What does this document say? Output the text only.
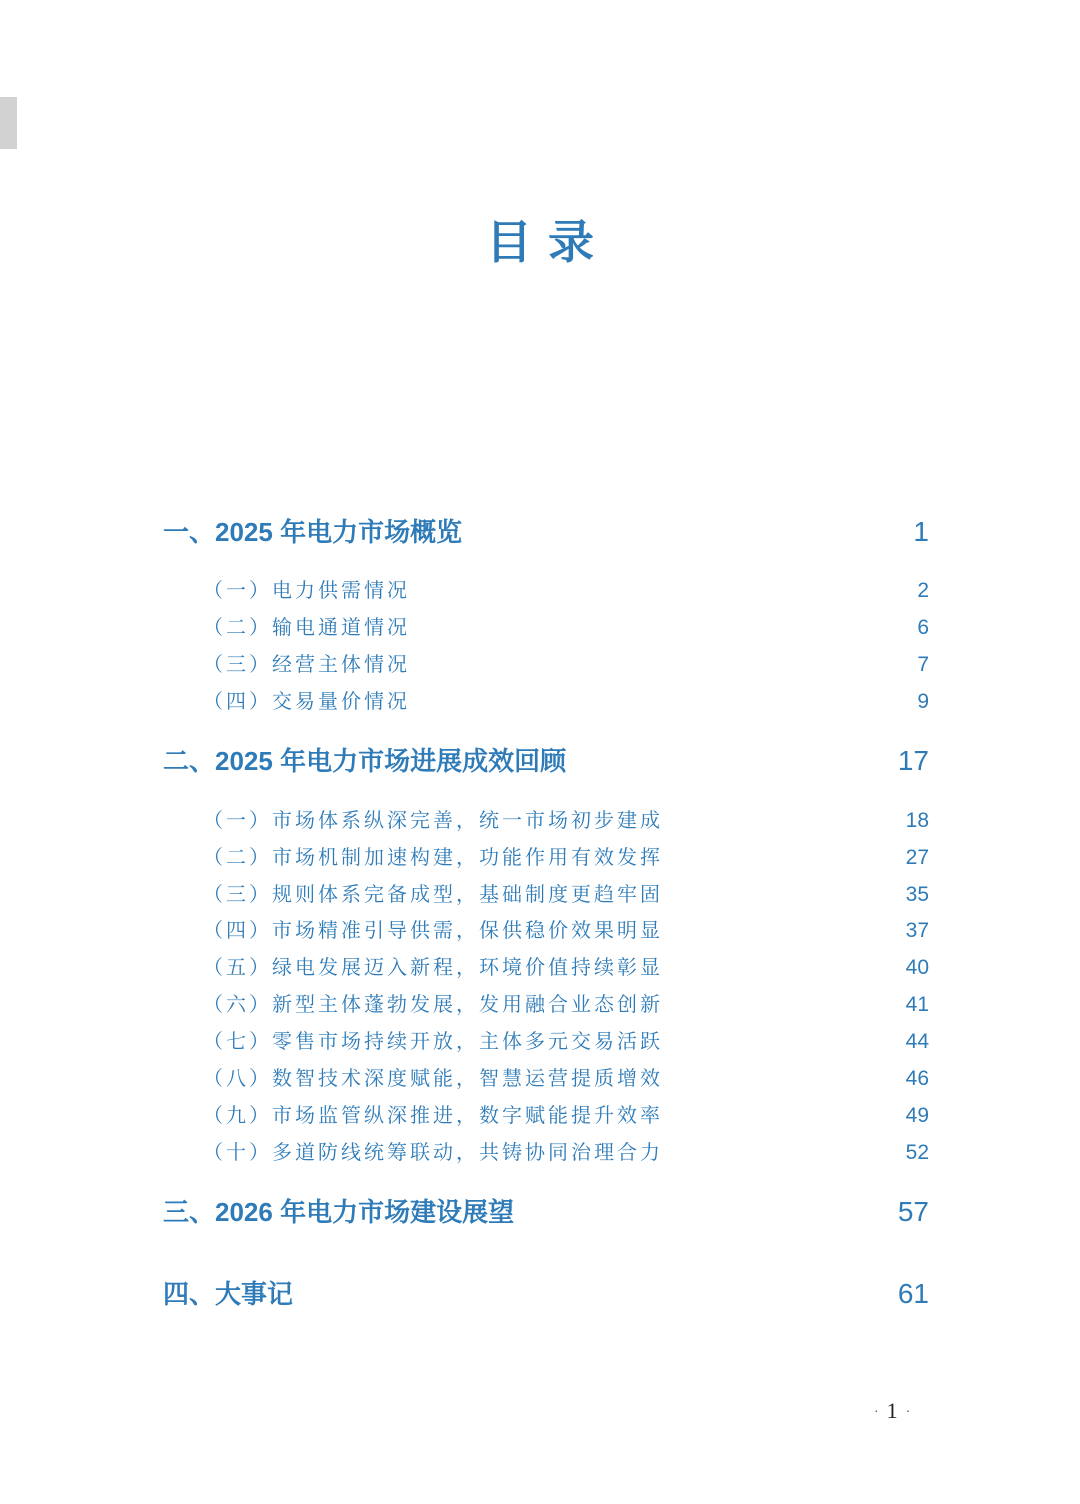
目 录
一、2025 年电力市场概览	1
（一）电力供需情况	2
（二）输电通道情况	6
（三）经营主体情况	7
（四）交易量价情况	9
二、2025 年电力市场进展成效回顾	17
（一）市场体系纵深完善，统一市场初步建成	18
（二）市场机制加速构建，功能作用有效发挥	27
（三）规则体系完备成型，基础制度更趋牢固	35
（四）市场精准引导供需，保供稳价效果明显	37
（五）绿电发展迈入新程，环境价值持续彰显	40
（六）新型主体蓬勃发展，发用融合业态创新	41
（七）零售市场持续开放，主体多元交易活跃	44
（八）数智技术深度赋能，智慧运营提质增效	46
（九）市场监管纵深推进，数字赋能提升效率	49
（十）多道防线统筹联动，共铸协同治理合力	52
三、2026 年电力市场建设展望	57
四、大事记	61
· 1 ·
